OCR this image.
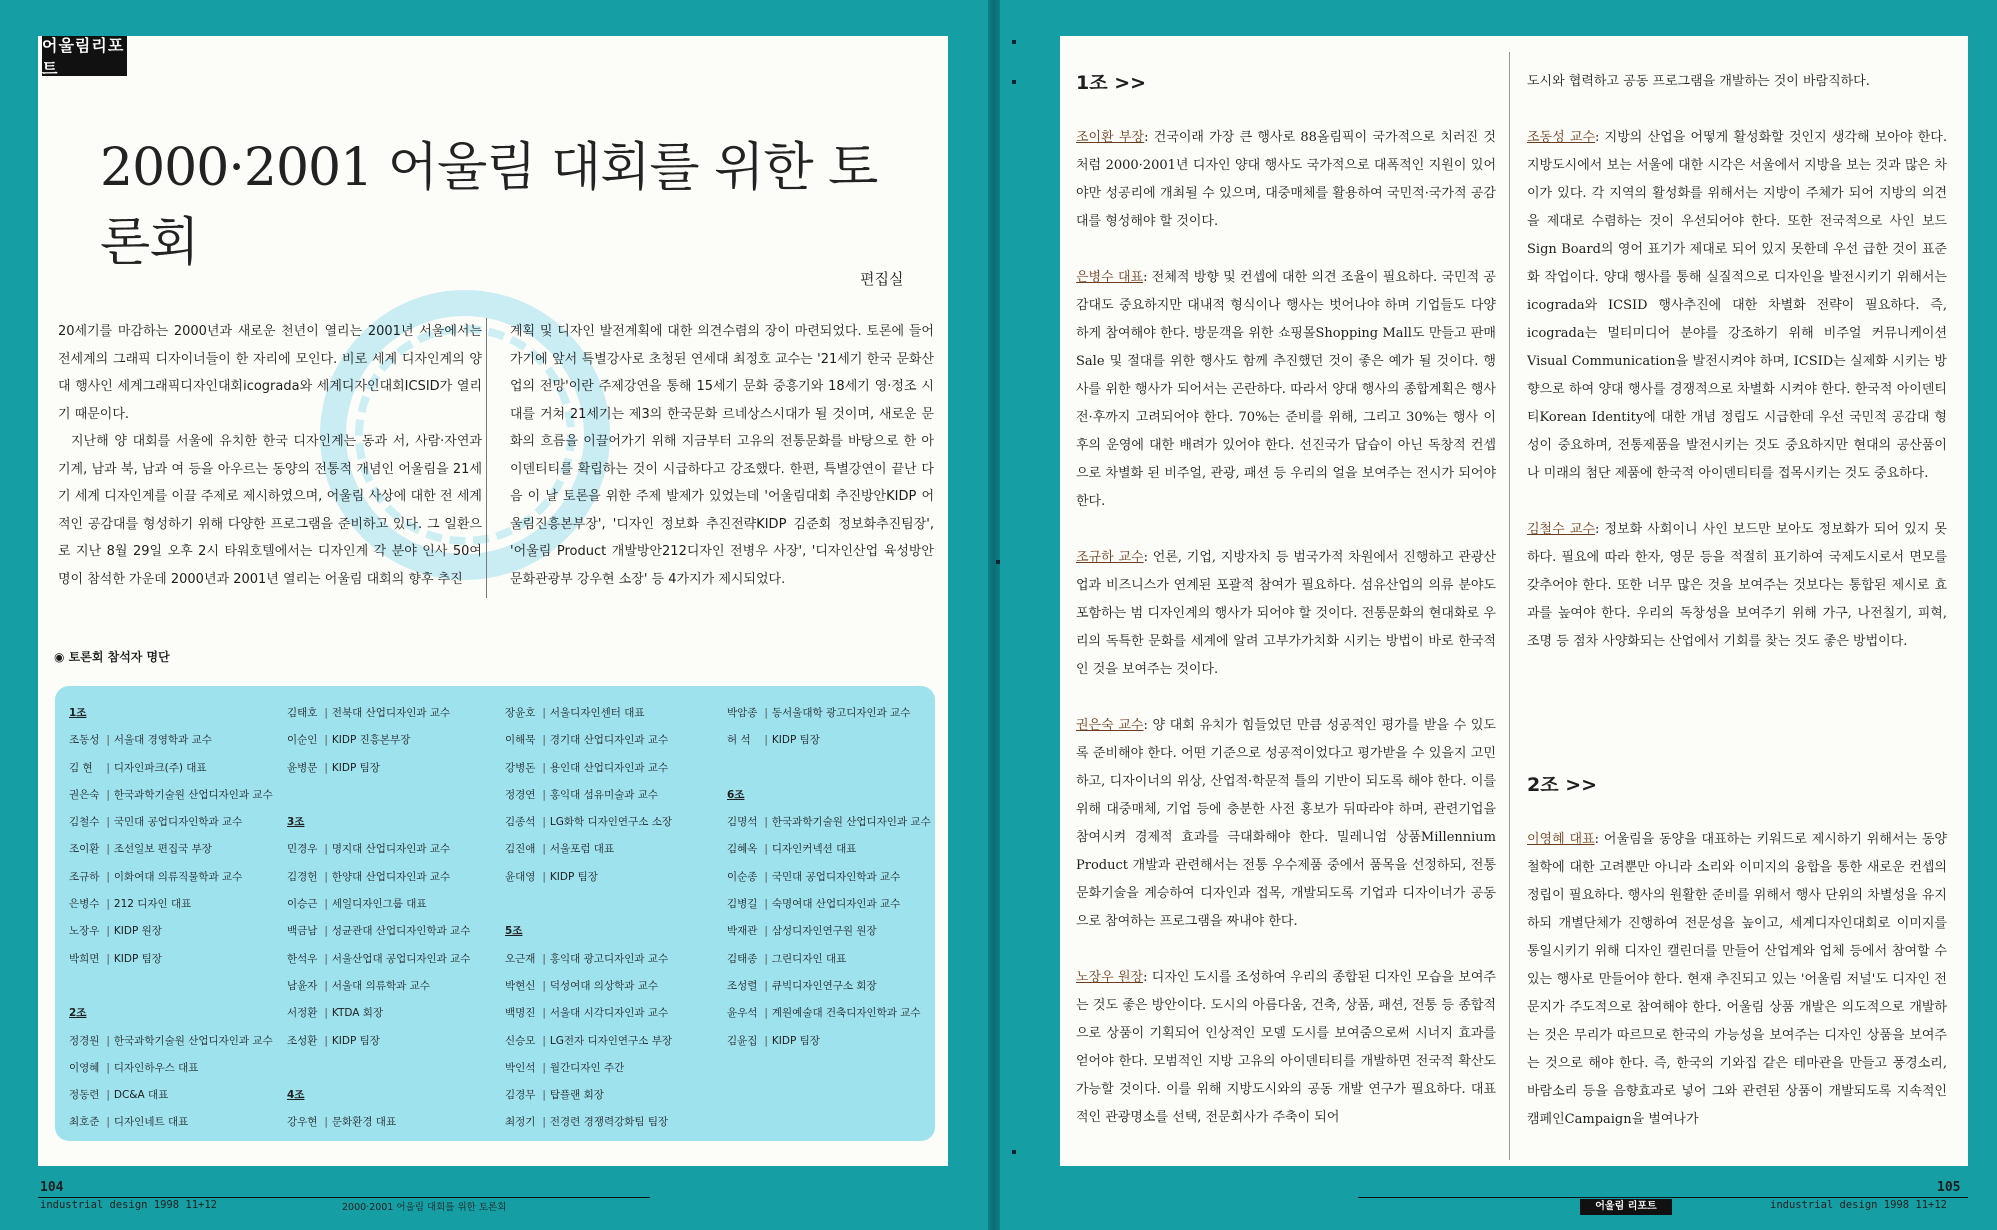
어울림리포트
2000·2001 어울림 대회를 위한 토론회
편집실

20세기를 마감하는 2000년과 새로운 천년이 열리는 2001년 서울에서는 전세계의 그래픽 디자이너들이 한 자리에 모인다. 비로 세계 디자인계의 양대 행사인 세계그래픽디자인대회icograda와 세계디자인대회ICSID가 열리기 때문이다.

지난해 양 대회를 서울에 유치한 한국 디자인계는 동과 서, 사람·자연과 기계, 남과 북, 남과 여 등을 아우르는 동양의 전통적 개념인 어울림을 21세기 세계 디자인계를 이끌 주제로 제시하였으며, 어울림 사상에 대한 전 세계적인 공감대를 형성하기 위해 다양한 프로그램을 준비하고 있다. 그 일환으로 지난 8월 29일 오후 2시 타워호텔에서는 디자인계 각 분야 인사 50여 명이 참석한 가운데 2000년과 2001년 열리는 어울림 대회의 향후 추진

계획 및 디자인 발전계획에 대한 의견수렴의 장이 마련되었다. 토론에 들어가기에 앞서 특별강사로 초청된 연세대 최정호 교수는 '21세기 한국 문화산업의 전망'이란 주제강연을 통해 15세기 문화 중흥기와 18세기 영·정조 시대를 거쳐 21세기는 제3의 한국문화 르네상스시대가 될 것이며, 새로운 문화의 흐름을 이끌어가기 위해 지금부터 고유의 전통문화를 바탕으로 한 아이덴티티를 확립하는 것이 시급하다고 강조했다. 한편, 특별강연이 끝난 다음 이 날 토론을 위한 주제 발제가 있었는데 '어울림대회 추진방안KIDP 어울림진흥본부장', '디자인 정보화 추진전략KIDP 김준회 정보화추진팀장', '어울림 Product 개발방안212디자인 전병우 사장', '디자인산업 육성방안문화관광부 강우현 소장' 등 4가지가 제시되었다.

◉ 토론회 참석자 명단
1조
조동성 | 서울대 경영학과 교수
김 현 | 디자인파크(주) 대표
권은숙 | 한국과학기술원 산업디자인과 교수
김철수 | 국민대 공업디자인학과 교수
조이환 | 조선일보 편집국 부장
조규하 | 이화여대 의류직물학과 교수
은병수 | 212 디자인 대표
노장우 | KIDP 원장
박희면 | KIDP 팀장
2조
정경원 | 한국과학기술원 산업디자인과 교수
이영혜 | 디자인하우스 대표
정동련 | DC&A 대표
최호준 | 디자인네트 대표
김태호 | 전북대 산업디자인과 교수
이순인 | KIDP 진흥본부장
윤병문 | KIDP 팀장
3조
민경우 | 명지대 산업디자인과 교수
김경헌 | 한양대 산업디자인과 교수
이승근 | 세일디자인그룹 대표
백금남 | 성균관대 산업디자인학과 교수
한석우 | 서울산업대 공업디자인과 교수
남윤자 | 서울대 의류학과 교수
서정환 | KTDA 회장
조성환 | KIDP 팀장
4조
강우현 | 문화환경 대표
장윤호 | 서울디자인센터 대표
이해묵 | 경기대 산업디자인과 교수
강병돈 | 용인대 산업디자인과 교수
정경연 | 홍익대 섬유미술과 교수
김종석 | LG화학 디자인연구소 소장
김진애 | 서울포럼 대표
윤대영 | KIDP 팀장
5조
오근재 | 홍익대 광고디자인과 교수
박현신 | 덕성여대 의상학과 교수
백명진 | 서울대 시각디자인과 교수
신승모 | LG전자 디자인연구소 부장
박인석 | 월간디자인 주간
김경무 | 탑플랜 회장
최정기 | 전경련 경쟁력강화팀 팀장
박암종 | 동서울대학 광고디자인과 교수
허 석 | KIDP 팀장
6조
김명석 | 한국과학기술원 산업디자인과 교수
김혜옥 | 디자인커넥션 대표
이순종 | 국민대 공업디자인학과 교수
김병길 | 숙명여대 산업디자인과 교수
박재관 | 삼성디자인연구원 원장
김태종 | 그린디자인 대표
조성렬 | 큐빅디자인연구소 회장
윤우석 | 계원예술대 건축디자인학과 교수
김윤집 | KIDP 팀장
104
industrial design 1998 11+12	2000·2001 어울림 대회를 위한 토론회
1조 >>

조이환 부장: 건국이래 가장 큰 행사로 88올림픽이 국가적으로 치러진 것처럼 2000·2001년 디자인 양대 행사도 국가적으로 대폭적인 지원이 있어야만 성공리에 개최될 수 있으며, 대중매체를 활용하여 국민적·국가적 공감대를 형성해야 할 것이다.

은병수 대표: 전체적 방향 및 컨셉에 대한 의견 조율이 필요하다. 국민적 공감대도 중요하지만 대내적 형식이나 행사는 벗어나야 하며 기업들도 다양하게 참여해야 한다. 방문객을 위한 쇼핑몰Shopping Mall도 만들고 판매Sale 및 절대를 위한 행사도 함께 추진했던 것이 좋은 예가 될 것이다. 행사를 위한 행사가 되어서는 곤란하다. 따라서 양대 행사의 종합계획은 행사 전·후까지 고려되어야 한다. 70%는 준비를 위해, 그리고 30%는 행사 이후의 운영에 대한 배려가 있어야 한다. 선진국가 답습이 아닌 독창적 컨셉으로 차별화 된 비주얼, 관광, 패션 등 우리의 얼을 보여주는 전시가 되어야 한다.

조규하 교수: 언론, 기업, 지방자치 등 범국가적 차원에서 진행하고 관광산업과 비즈니스가 연계된 포괄적 참여가 필요하다. 섬유산업의 의류 분야도 포함하는 범 디자인계의 행사가 되어야 할 것이다. 전통문화의 현대화로 우리의 독특한 문화를 세계에 알려 고부가가치화 시키는 방법이 바로 한국적인 것을 보여주는 것이다.

권은숙 교수: 양 대회 유치가 힘들었던 만큼 성공적인 평가를 받을 수 있도록 준비해야 한다. 어떤 기준으로 성공적이었다고 평가받을 수 있을지 고민하고, 디자이너의 위상, 산업적·학문적 틀의 기반이 되도록 해야 한다. 이를 위해 대중매체, 기업 등에 충분한 사전 홍보가 뒤따라야 하며, 관련기업을 참여시켜 경제적 효과를 극대화해야 한다. 밀레니엄 상품Millennium Product 개발과 관련해서는 전통 우수제품 중에서 품목을 선정하되, 전통 문화기술을 계승하여 디자인과 접목, 개발되도록 기업과 디자이너가 공동으로 참여하는 프로그램을 짜내야 한다.

노장우 원장: 디자인 도시를 조성하여 우리의 종합된 디자인 모습을 보여주는 것도 좋은 방안이다. 도시의 아름다움, 건축, 상품, 패션, 전통 등 종합적으로 상품이 기획되어 인상적인 모델 도시를 보여줌으로써 시너지 효과를 얻어야 한다. 모범적인 지방 고유의 아이덴티티를 개발하면 전국적 확산도 가능할 것이다. 이를 위해 지방도시와의 공동 개발 연구가 필요하다. 대표적인 관광명소를 선택, 전문회사가 주축이 되어

도시와 협력하고 공동 프로그램을 개발하는 것이 바람직하다.

조동성 교수: 지방의 산업을 어떻게 활성화할 것인지 생각해 보아야 한다. 지방도시에서 보는 서울에 대한 시각은 서울에서 지방을 보는 것과 많은 차이가 있다. 각 지역의 활성화를 위해서는 지방이 주체가 되어 지방의 의견을 제대로 수렴하는 것이 우선되어야 한다. 또한 전국적으로 사인 보드Sign Board의 영어 표기가 제대로 되어 있지 못한데 우선 급한 것이 표준화 작업이다. 양대 행사를 통해 실질적으로 디자인을 발전시키기 위해서는 icograda와 ICSID 행사추진에 대한 차별화 전략이 필요하다. 즉, icograda는 멀티미디어 분야를 강조하기 위해 비주얼 커뮤니케이션Visual Communication을 발전시켜야 하며, ICSID는 실제화 시키는 방향으로 하여 양대 행사를 경쟁적으로 차별화 시켜야 한다. 한국적 아이덴티티Korean Identity에 대한 개념 정립도 시급한데 우선 국민적 공감대 형성이 중요하며, 전통제품을 발전시키는 것도 중요하지만 현대의 공산품이나 미래의 첨단 제품에 한국적 아이덴티티를 접목시키는 것도 중요하다.

김철수 교수: 정보화 사회이니 사인 보드만 보아도 정보화가 되어 있지 못하다. 필요에 따라 한자, 영문 등을 적절히 표기하여 국제도시로서 면모를 갖추어야 한다. 또한 너무 많은 것을 보여주는 것보다는 통합된 제시로 효과를 높여야 한다. 우리의 독창성을 보여주기 위해 가구, 나전칠기, 피혁, 조명 등 점차 사양화되는 산업에서 기회를 찾는 것도 좋은 방법이다.

2조 >>

이영혜 대표: 어울림을 동양을 대표하는 키워드로 제시하기 위해서는 동양 철학에 대한 고려뿐만 아니라 소리와 이미지의 융합을 통한 새로운 컨셉의 정립이 필요하다. 행사의 원활한 준비를 위해서 행사 단위의 차별성을 유지하되 개별단체가 진행하여 전문성을 높이고, 세계디자인대회로 이미지를 통일시키기 위해 디자인 캘린더를 만들어 산업계와 업체 등에서 참여할 수 있는 행사로 만들어야 한다. 현재 추진되고 있는 '어울림 저널'도 디자인 전문지가 주도적으로 참여해야 한다. 어울림 상품 개발은 의도적으로 개발하는 것은 무리가 따르므로 한국의 가능성을 보여주는 디자인 상품을 보여주는 것으로 해야 한다. 즉, 한국의 기와집 같은 테마관을 만들고 풍경소리, 바람소리 등을 음향효과로 넣어 그와 관련된 상품이 개발되도록 지속적인 캠페인Campaign을 벌여나가

105
어울림 리포트	industrial design 1998 11+12
